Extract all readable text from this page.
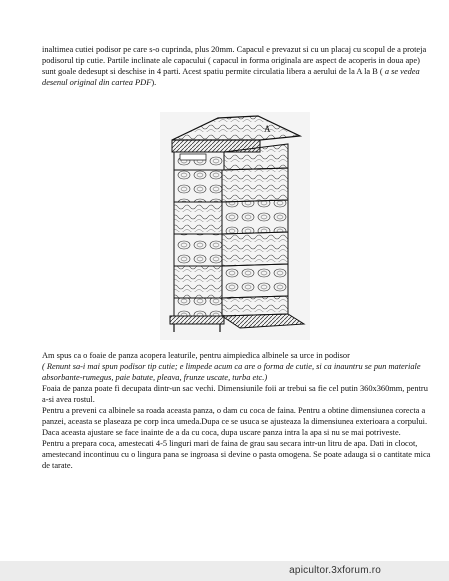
inaltimea cutiei podisor pe care s-o cuprinda, plus 20mm. Capacul e prevazut si cu un placaj cu scopul de a proteja podisorul tip cutie. Partile inclinate ale capacului ( capacul in forma originala are aspect de acoperis in doua ape) sunt goale dedesupt si deschise in 4 parti. Acest spatiu permite circulatia libera a aerului de la A la B ( a se vedea desenul original din cartea PDF).

A
Am spus ca o foaie de panza acopera leaturile, pentru aimpiedica albinele sa urce in podisor
( Renunt sa-i mai spun podisor tip cutie; e limpede acum ca are o forma de cutie, si ca inauntru se pun materiale absorbante-rumegus, paie batute, pleava, frunze uscate, turba etc.)
Foaia de panza poate fi decupata dintr-un sac vechi. Dimensiunile foii ar trebui sa fie cel putin 360x360mm, pentru a-si avea rostul.
Pentru a preveni ca albinele sa roada aceasta panza, o dam cu coca de faina. Pentru a obtine dimensiunea corecta a panzei, aceasta se plaseaza pe corp inca umeda.Dupa ce se usuca se ajusteaza la dimensiunea exterioara a corpului. Daca aceasta ajustare se face inainte de a da cu coca, dupa uscare panza intra la apa si nu se mai potriveste.
Pentru a prepara coca, amestecati 4-5 linguri mari de faina de grau sau secara intr-un litru de apa. Dati in clocot, amestecand incontinuu cu o lingura pana se ingroasa si devine o pasta omogena. Se poate adauga si o cantitate mica de tarate.
apicultor.3xforum.ro
